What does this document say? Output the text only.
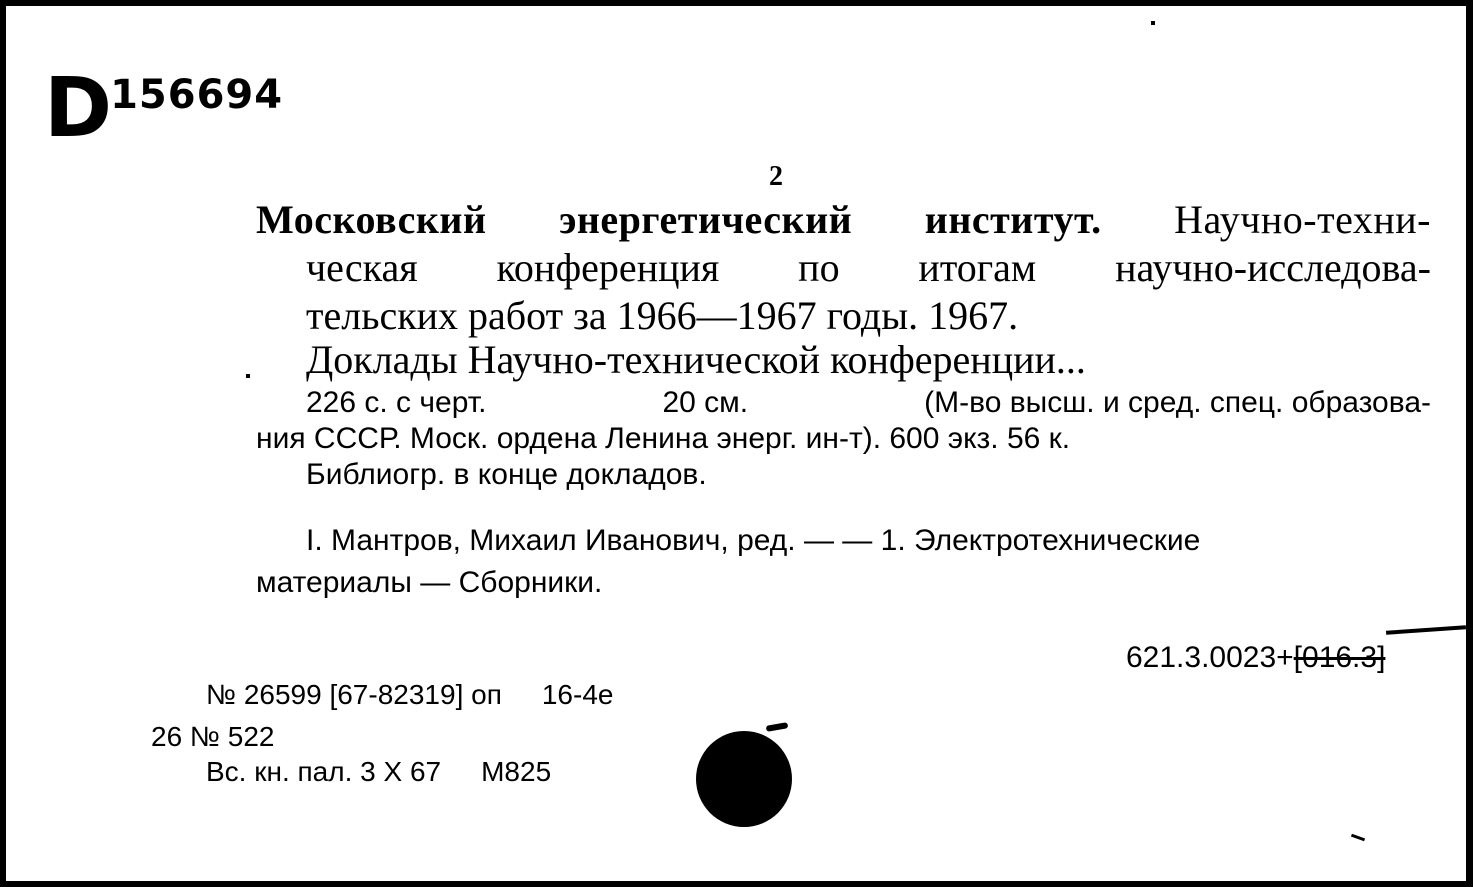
D156694
2
Московский энергетический институт. Научно-техни-
ческая конференция по итогам научно-исследова-
тельских работ за 1966—1967 годы. 1967.
Доклады Научно-технической конференции...
226 с. с черт.	20 см.	(М-во высш. и сред. спец. образова-
ния СССР. Моск. ордена Ленина энерг. ин-т). 600 экз. 56 к.
Библиогр. в конце докладов.
I. Мантров, Михаил Иванович, ред. — — 1. Электротехнические
материалы — Сборники.
621.3.0023+[016.3]
№ 26599 [67-82319] оп 16-4е
26 № 522
Вс. кн. пал. 3 Х 67 М825
